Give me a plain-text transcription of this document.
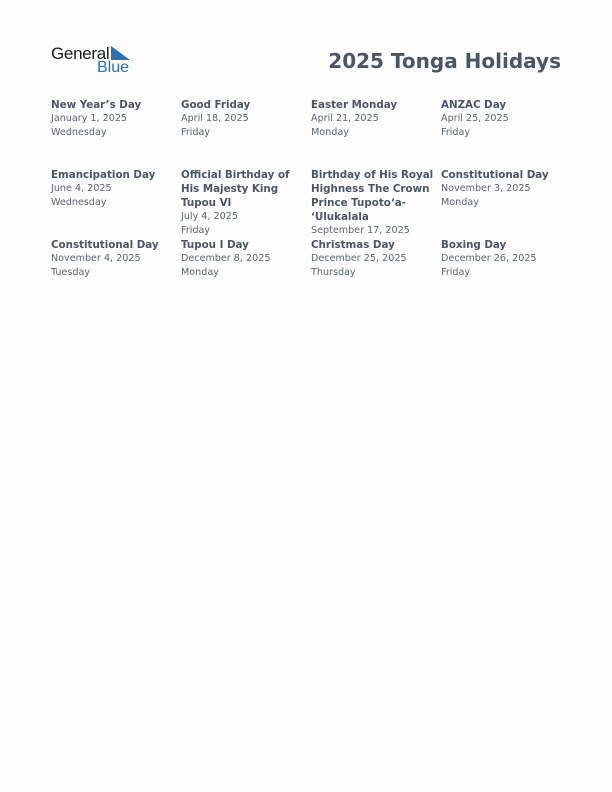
General
Blue	2025 Tonga Holidays
New Year’s Day
January 1, 2025
Wednesday
Good Friday
April 18, 2025
Friday
Easter Monday
April 21, 2025
Monday
ANZAC Day
April 25, 2025
Friday
Emancipation Day
June 4, 2025
Wednesday
Official Birthday of His Majesty King Tupou VI
July 4, 2025
Friday
Birthday of His Royal Highness The Crown Prince Tupotoʻa-ʻUlukalala
September 17, 2025
Constitutional Day
November 3, 2025
Monday
Constitutional Day
November 4, 2025
Tuesday
Tupou I Day
December 8, 2025
Monday
Christmas Day
December 25, 2025
Thursday
Boxing Day
December 26, 2025
Friday
